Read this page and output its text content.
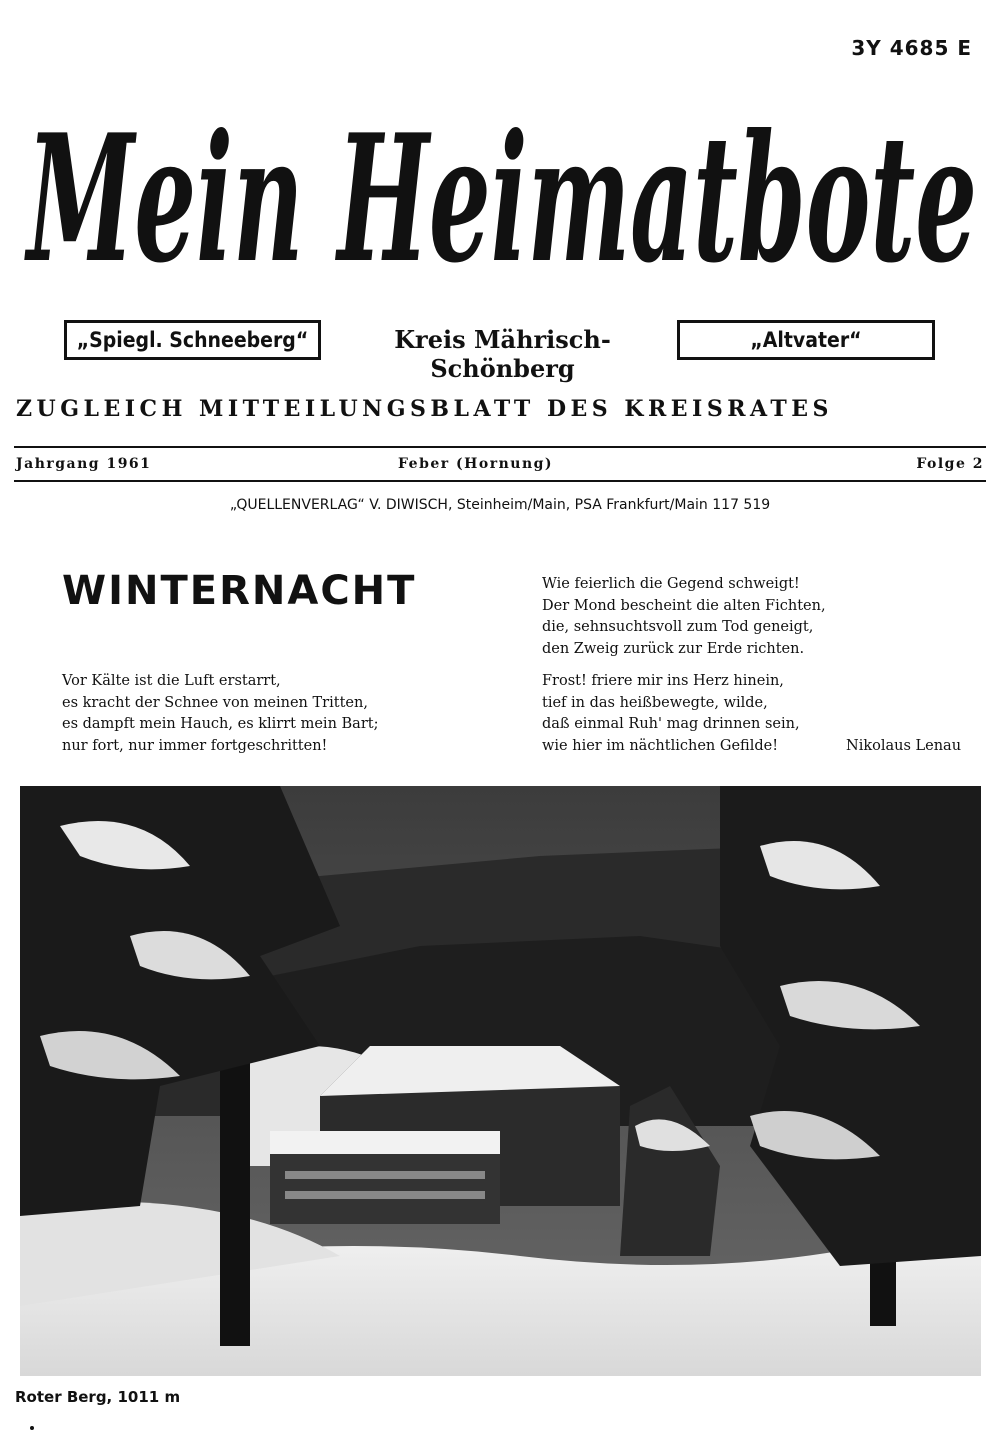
3Y 4685 E
Mein Heimatbote
„Spiegl. Schneeberg“	Kreis Mährisch-Schönberg
„Altvater“
ZUGLEICH MITTEILUNGSBLATT DES KREISRATES
Jahrgang 1961	Feber (Hornung)	Folge 2
„QUELLENVERLAG“ V. DIWISCH, Steinheim/Main, PSA Frankfurt/Main 117 519
WINTERNACHT
Vor Kälte ist die Luft erstarrt,
es kracht der Schnee von meinen Tritten,
es dampft mein Hauch, es klirrt mein Bart;
nur fort, nur immer fortgeschritten!
Wie feierlich die Gegend schweigt!
Der Mond bescheint die alten Fichten,
die, sehnsuchtsvoll zum Tod geneigt,
den Zweig zurück zur Erde richten.
Frost! friere mir ins Herz hinein,
tief in das heißbewegte, wilde,
daß einmal Ruh' mag drinnen sein,
wie hier im nächtlichen Gefilde!	Nikolaus Lenau
Roter Berg, 1011 m
